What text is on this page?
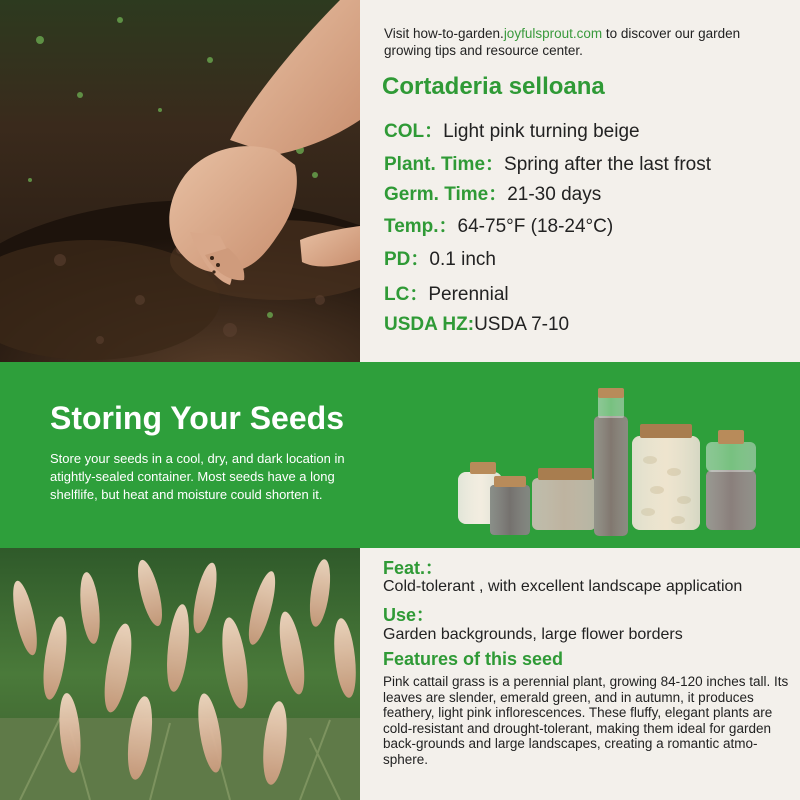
Visit how-to-garden.joyfulsprout.com to discover our garden growing tips and resource center.
Cortaderia selloana
COL：Light pink turning beige
Plant. Time：Spring after the last frost
Germ. Time：21-30 days
Temp.：64-75°F (18-24°C)
PD：0.1 inch
LC：Perennial
USDA HZ:USDA 7-10
Storing Your Seeds
Store your seeds in a cool, dry, and dark location in atightly-sealed container. Most seeds have a long shelflife, but heat and moisture could shorten it.
Feat.：
Cold-tolerant , with excellent landscape application
Use：
Garden backgrounds, large flower borders
Features of this seed
Pink cattail grass is a perennial plant, growing 84-120 inches tall. Its leaves are slender, emerald green, and in autumn, it produces feathery, light pink inflorescences. These fluffy, elegant plants are cold-resistant and drought-tolerant, making them ideal for garden back-grounds and large landscapes, creating a romantic atmo-sphere.
